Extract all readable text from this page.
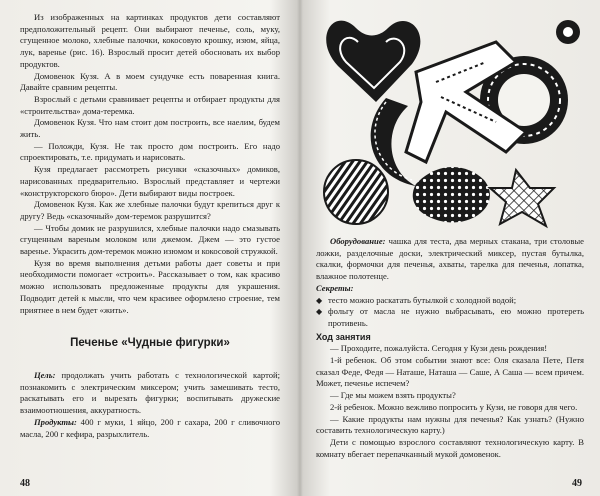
Из изображенных на картинках продуктов дети составляют предположительный рецепт. Они выбирают печенье, соль, муку, сгущенное молоко, хлебные палочки, кокосовую крошку, изюм, яйца, лук, варенье (рис. 16). Взрослый просит детей обосновать их выбор продуктов.

Домовенок Кузя. А в моем сундучке есть поваренная книга. Давайте сравним рецепты.

Взрослый с детьми сравнивает рецепты и отбирает продукты для «строительства» дома-теремка.

Домовенок Кузя. Что нам стоит дом построить, все наелим, будем жить.

— Положди, Кузя. Не так просто дом построить. Его надо спроектировать, т.е. придумать и нарисовать.

Кузя предлагает рассмотреть рисунки «сказочных» домиков, нарисованных предварительно. Взрослый представляет и чертежи «конструкторского бюро». Дети выбирают виды построек.

Домовенок Кузя. Как же хлебные палочки будут крепиться друг к другу? Ведь «сказочный» дом-теремок разрушится?

— Чтобы домик не разрушился, хлебные палочки надо смазывать сгущенным вареным молоком или джемом. Джем — это густое варенье. Украсить дом-теремок можно изюмом и кокосовой стружкой.

Кузя во время выполнения детьми работы дает советы и при необходимости помогает «строить». Рассказывает о том, как красиво можно использовать предложенные продукты для украшения. Подводит детей к мысли, что чем красивее оформлено строение, тем приятнее в нем будет «жить».

Печенье «Чудные фигурки»

Цель: продолжать учить работать с технологической картой; познакомить с электрическим миксером; учить замешивать тесто, раскатывать его и вырезать фигурки; воспитывать дружеские взаимоотношения, аккуратность.

Продукты: 400 г муки, 1 яйцо, 200 г сахара, 200 г сливочного масла, 200 г кефира, разрыхлитель.

48

Оборудование: чашка для теста, два мерных стакана, три столовые ложки, разделочные доски, электрический миксер, пустая бутылка, скалки, формочки для печенья, ахваты, тарелка для печенья, лопатка, влажное полотенце.

Секреты:

◆ тесто можно раскатать бутылкой с холодной водой;

◆ фольгу от масла не нужно выбрасывать, ею можно протереть противень.

Ход занятия

— Проходите, пожалуйста. Сегодня у Кузи день рождения!

1-й ребенок. Об этом событии знают все: Оля сказала Пете, Петя сказал Феде, Федя — Наташе, Наташа — Саше, А Саша — всем причем. Может, печенье испечем?

— Где мы можем взять продукты?

2-й ребенок. Можно вежливо попросить у Кузи, не говоря для чего.

— Какие продукты нам нужны для печенья? Как узнать? (Нужно составить технологическую карту.)

Дети с помощью взрослого составляют технологическую карту. В комнату вбегает перепачканный мукой домовенок.

49
